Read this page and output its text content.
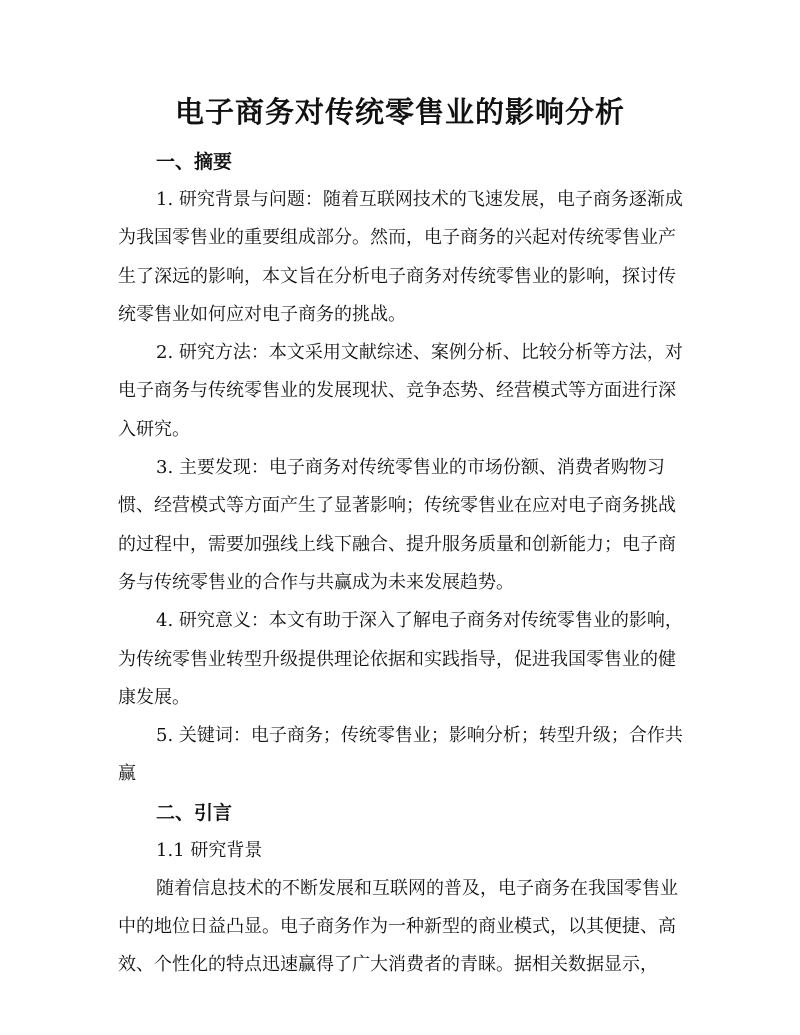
电子商务对传统零售业的影响分析
一、摘要

1. 研究背景与问题：随着互联网技术的飞速发展，电子商务逐渐成为我国零售业的重要组成部分。然而，电子商务的兴起对传统零售业产生了深远的影响，本文旨在分析电子商务对传统零售业的影响，探讨传统零售业如何应对电子商务的挑战。

2. 研究方法：本文采用文献综述、案例分析、比较分析等方法，对电子商务与传统零售业的发展现状、竞争态势、经营模式等方面进行深入研究。

3. 主要发现：电子商务对传统零售业的市场份额、消费者购物习惯、经营模式等方面产生了显著影响；传统零售业在应对电子商务挑战的过程中，需要加强线上线下融合、提升服务质量和创新能力；电子商务与传统零售业的合作与共赢成为未来发展趋势。

4. 研究意义：本文有助于深入了解电子商务对传统零售业的影响，为传统零售业转型升级提供理论依据和实践指导，促进我国零售业的健康发展。

5. 关键词：电子商务；传统零售业；影响分析；转型升级；合作共赢

二、引言

1.1 研究背景

随着信息技术的不断发展和互联网的普及，电子商务在我国零售业中的地位日益凸显。电子商务作为一种新型的商业模式，以其便捷、高效、个性化的特点迅速赢得了广大消费者的青睐。据相关数据显示，
